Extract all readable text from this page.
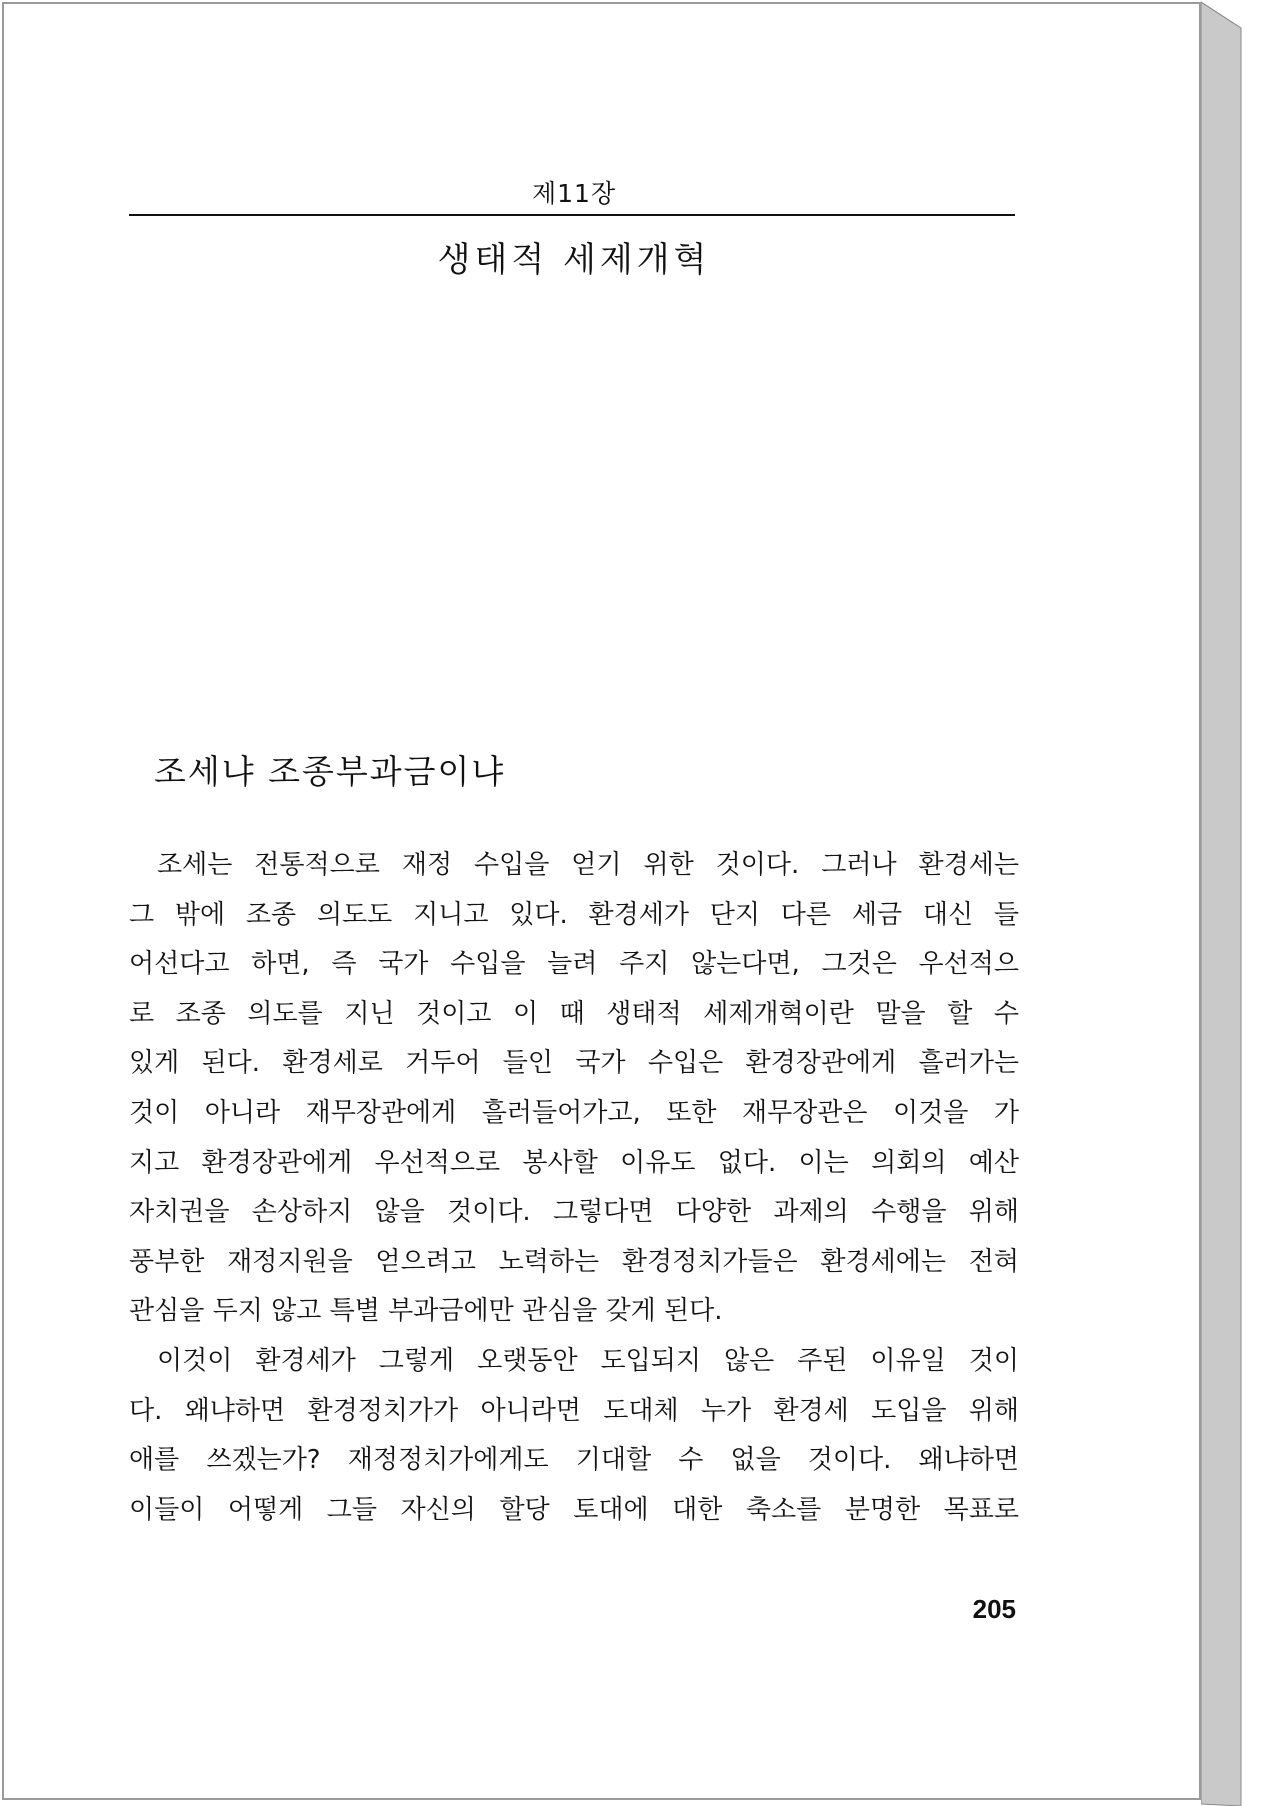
제11장
생태적 세제개혁
조세냐 조종부과금이냐
조세는 전통적으로 재정 수입을 얻기 위한 것이다. 그러나 환경세는
그 밖에 조종 의도도 지니고 있다. 환경세가 단지 다른 세금 대신 들
어선다고 하면, 즉 국가 수입을 늘려 주지 않는다면, 그것은 우선적으
로 조종 의도를 지닌 것이고 이 때 생태적 세제개혁이란 말을 할 수
있게 된다. 환경세로 거두어 들인 국가 수입은 환경장관에게 흘러가는
것이 아니라 재무장관에게 흘러들어가고, 또한 재무장관은 이것을 가
지고 환경장관에게 우선적으로 봉사할 이유도 없다. 이는 의회의 예산
자치권을 손상하지 않을 것이다. 그렇다면 다양한 과제의 수행을 위해
풍부한 재정지원을 얻으려고 노력하는 환경정치가들은 환경세에는 전혀
관심을 두지 않고 특별 부과금에만 관심을 갖게 된다.
이것이 환경세가 그렇게 오랫동안 도입되지 않은 주된 이유일 것이
다. 왜냐하면 환경정치가가 아니라면 도대체 누가 환경세 도입을 위해
애를 쓰겠는가? 재정정치가에게도 기대할 수 없을 것이다. 왜냐하면
이들이 어떻게 그들 자신의 할당 토대에 대한 축소를 분명한 목표로
205
